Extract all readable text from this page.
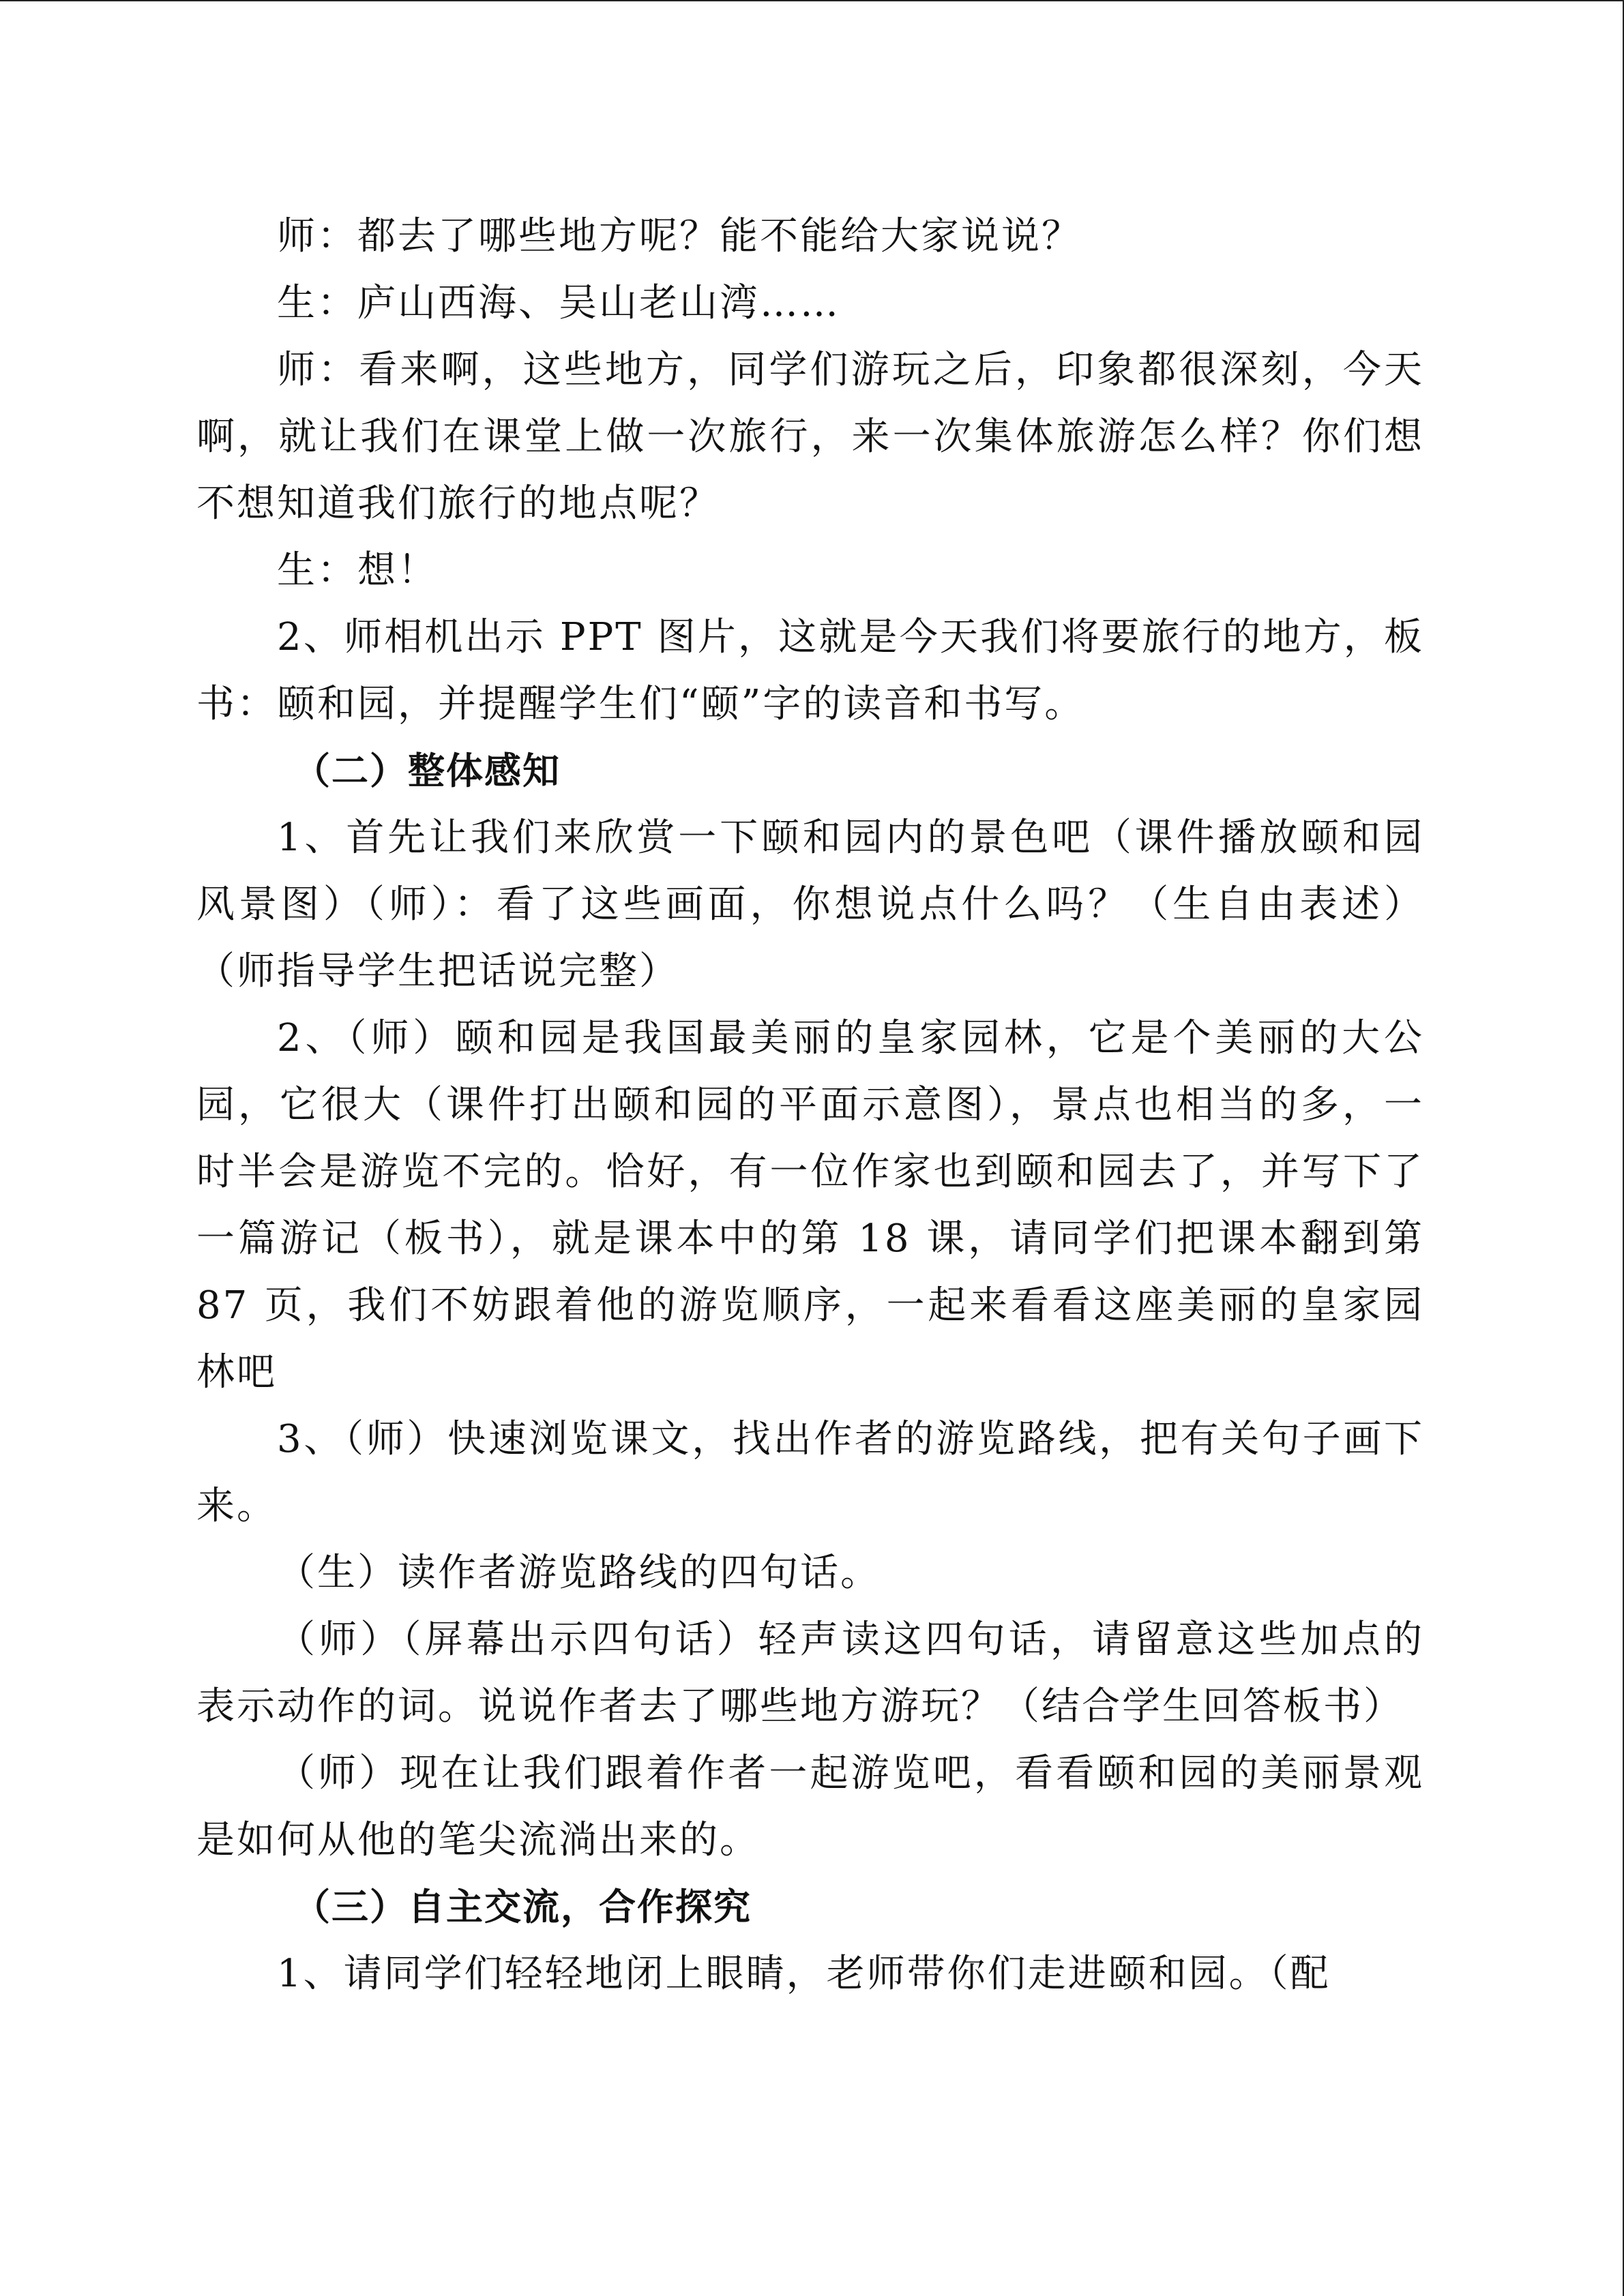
师：都去了哪些地方呢？能不能给大家说说？

生：庐山西海、吴山老山湾……

师：看来啊，这些地方，同学们游玩之后，印象都很深刻，今天啊，就让我们在课堂上做一次旅行，来一次集体旅游怎么样？你们想不想知道我们旅行的地点呢？

生：想！

2、师相机出示 PPT 图片，这就是今天我们将要旅行的地方，板书：颐和园，并提醒学生们“颐”字的读音和书写。

（二）整体感知

1、首先让我们来欣赏一下颐和园内的景色吧（课件播放颐和园风景图）（师）：看了这些画面，你想说点什么吗？（生自由表述）（师指导学生把话说完整）

2、（师）颐和园是我国最美丽的皇家园林，它是个美丽的大公园，它很大（课件打出颐和园的平面示意图），景点也相当的多，一时半会是游览不完的。恰好，有一位作家也到颐和园去了，并写下了一篇游记（板书），就是课本中的第 18 课，请同学们把课本翻到第 87 页，我们不妨跟着他的游览顺序，一起来看看这座美丽的皇家园林吧

3、（师）快速浏览课文，找出作者的游览路线，把有关句子画下来。

（生）读作者游览路线的四句话。

（师）（屏幕出示四句话）轻声读这四句话，请留意这些加点的表示动作的词。说说作者去了哪些地方游玩？（结合学生回答板书）

（师）现在让我们跟着作者一起游览吧，看看颐和园的美丽景观是如何从他的笔尖流淌出来的。

（三）自主交流，合作探究

1、请同学们轻轻地闭上眼睛，老师带你们走进颐和园。（配
